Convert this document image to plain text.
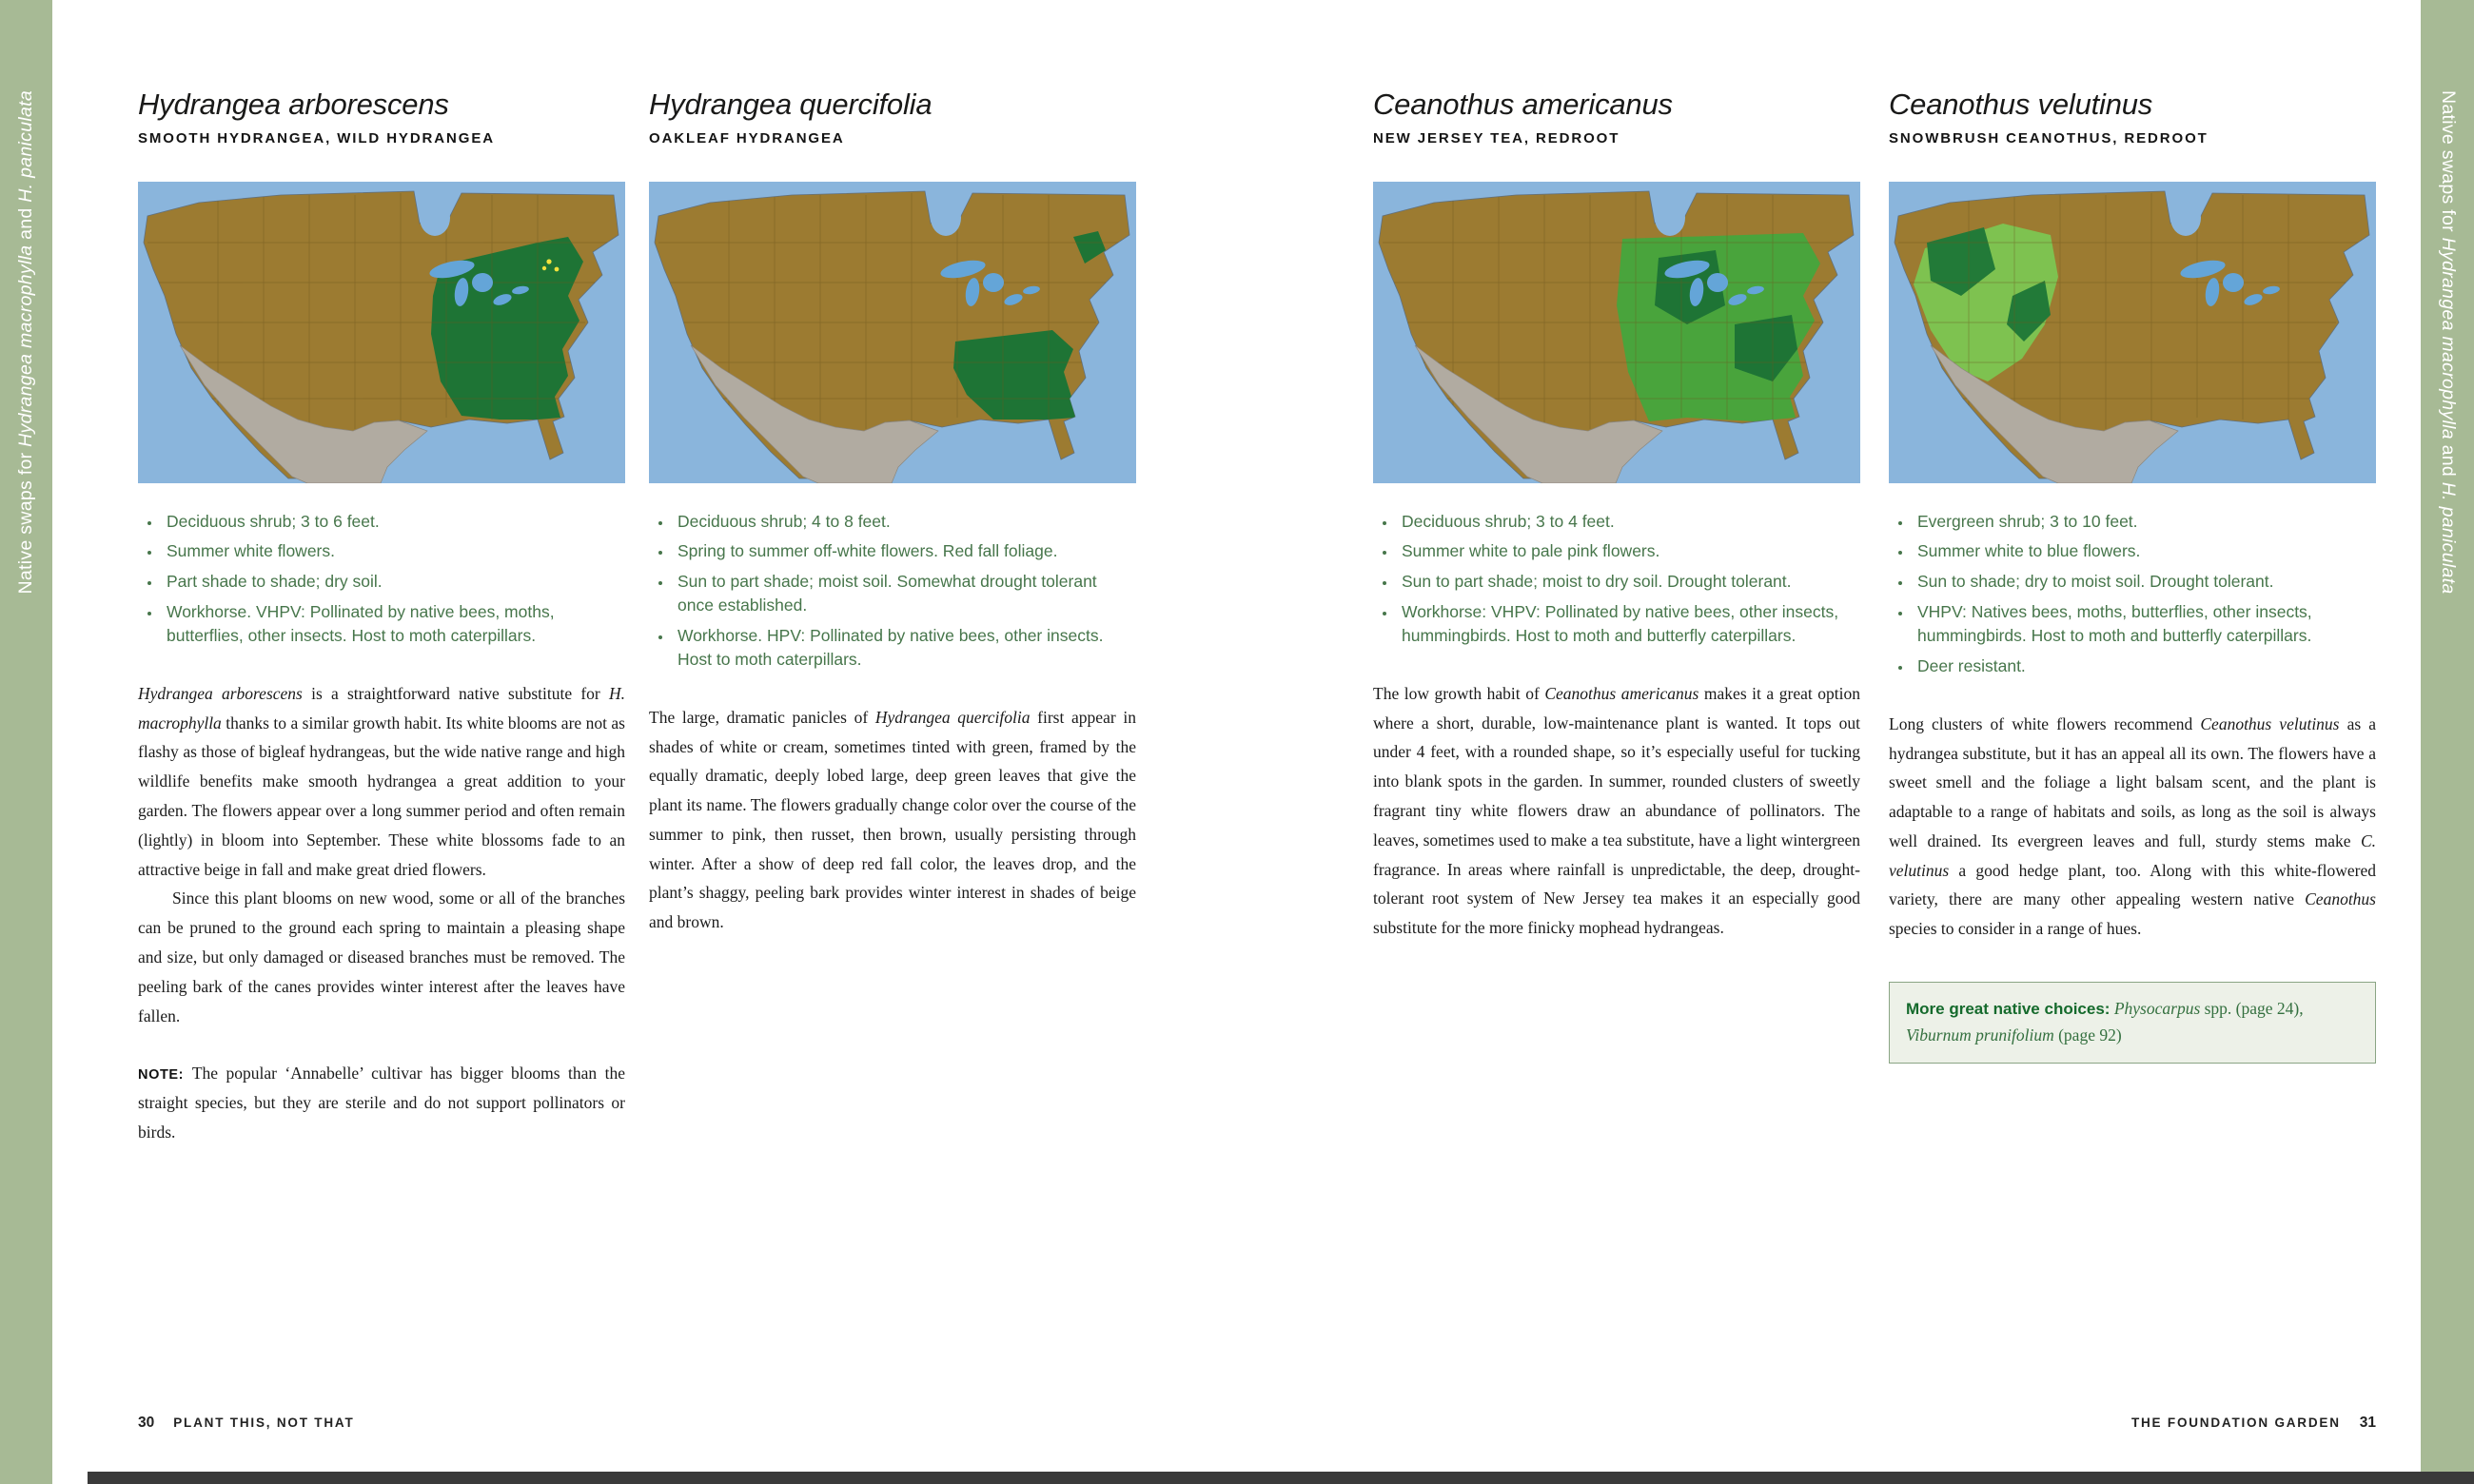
Native swaps for Hydrangea macrophylla and H. paniculata	Native swaps for Hydrangea macrophylla and H. paniculata
Hydrangea arborescens
SMOOTH HYDRANGEA, WILD HYDRANGEA
• Deciduous shrub; 3 to 6 feet.
• Summer white flowers.
• Part shade to shade; dry soil.
• Workhorse. VHPV: Pollinated by native bees, moths, butterflies, other insects. Host to moth caterpillars.

Hydrangea arborescens is a straightforward native substitute for H. macrophylla thanks to a similar growth habit. Its white blooms are not as flashy as those of bigleaf hydrangeas, but the wide native range and high wildlife benefits make smooth hydrangea a great addition to your garden. The flowers appear over a long summer period and often remain (lightly) in bloom into September. These white blossoms fade to an attractive beige in fall and make great dried flowers.

Since this plant blooms on new wood, some or all of the branches can be pruned to the ground each spring to maintain a pleasing shape and size, but only damaged or diseased branches must be removed. The peeling bark of the canes provides winter interest after the leaves have fallen.

NOTE: The popular ‘Annabelle’ cultivar has bigger blooms than the straight species, but they are sterile and do not support pollinators or birds.

Hydrangea quercifolia
OAKLEAF HYDRANGEA
• Deciduous shrub; 4 to 8 feet.
• Spring to summer off-white flowers. Red fall foliage.
• Sun to part shade; moist soil. Somewhat drought tolerant once established.
• Workhorse. HPV: Pollinated by native bees, other insects. Host to moth caterpillars.

The large, dramatic panicles of Hydrangea quercifolia first appear in shades of white or cream, sometimes tinted with green, framed by the equally dramatic, deeply lobed large, deep green leaves that give the plant its name. The flowers gradually change color over the course of the summer to pink, then russet, then brown, usually persisting through winter. After a show of deep red fall color, the leaves drop, and the plant’s shaggy, peeling bark provides winter interest in shades of beige and brown.

Ceanothus americanus
NEW JERSEY TEA, REDROOT
• Deciduous shrub; 3 to 4 feet.
• Summer white to pale pink flowers.
• Sun to part shade; moist to dry soil. Drought tolerant.
• Workhorse: VHPV: Pollinated by native bees, other insects, hummingbirds. Host to moth and butterfly caterpillars.

The low growth habit of Ceanothus americanus makes it a great option where a short, durable, low-maintenance plant is wanted. It tops out under 4 feet, with a rounded shape, so it’s especially useful for tucking into blank spots in the garden. In summer, rounded clusters of sweetly fragrant tiny white flowers draw an abundance of pollinators. The leaves, sometimes used to make a tea substitute, have a light wintergreen fragrance. In areas where rainfall is unpredictable, the deep, drought-tolerant root system of New Jersey tea makes it an especially good substitute for the more finicky mophead hydrangeas.

Ceanothus velutinus
SNOWBRUSH CEANOTHUS, REDROOT
• Evergreen shrub; 3 to 10 feet.
• Summer white to blue flowers.
• Sun to shade; dry to moist soil. Drought tolerant.
• VHPV: Natives bees, moths, butterflies, other insects, hummingbirds. Host to moth and butterfly caterpillars.
• Deer resistant.

Long clusters of white flowers recommend Ceanothus velutinus as a hydrangea substitute, but it has an appeal all its own. The flowers have a sweet smell and the foliage a light balsam scent, and the plant is adaptable to a range of habitats and soils, as long as the soil is always well drained. Its evergreen leaves and full, sturdy stems make C. velutinus a good hedge plant, too. Along with this white-flowered variety, there are many other appealing western native Ceanothus species to consider in a range of hues.

More great native choices: Physocarpus spp. (page 24), Viburnum prunifolium (page 92)
30 PLANT THIS, NOT THAT	THE FOUNDATION GARDEN 31
